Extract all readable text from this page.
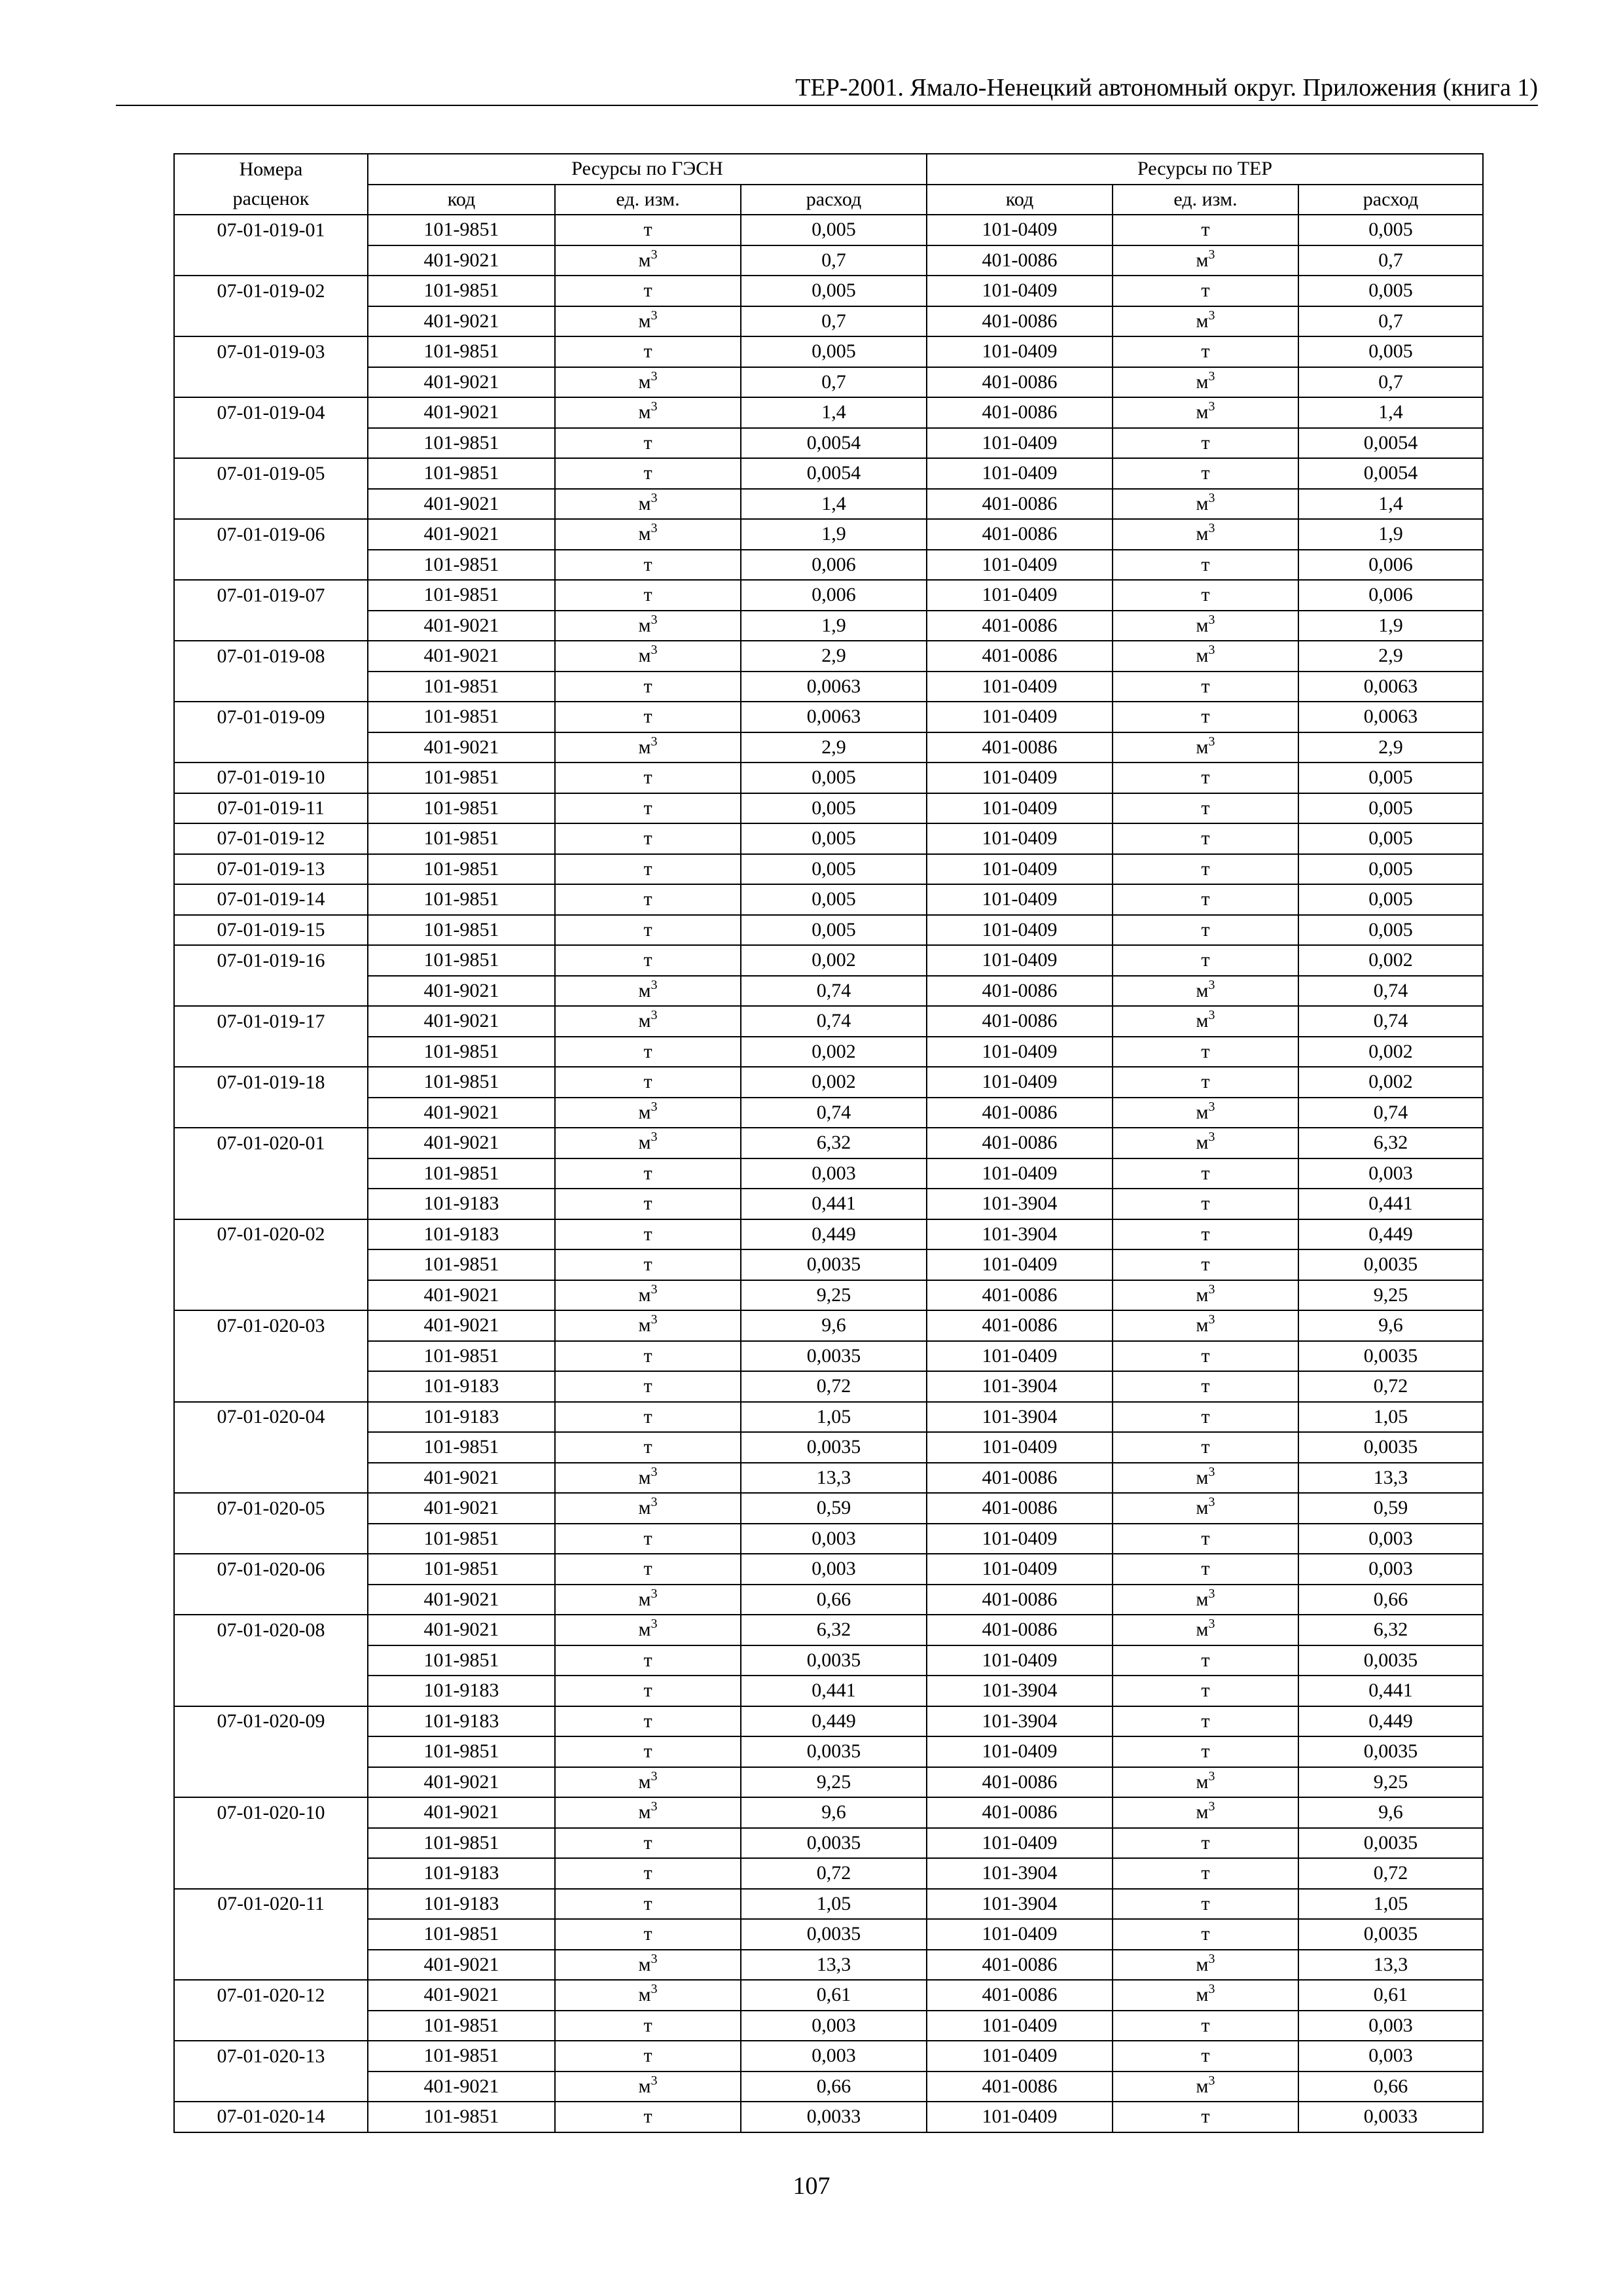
ТЕР-2001. Ямало-Ненецкий автономный округ. Приложения (книга 1)
Номера	Ресурсы по ГЭСН			Ресурсы по ТЕР		
расценок	код	ед. изм.	расход	код	ед. изм.	расход
07-01-019-01	101-9851	т	0,005	101-0409	т	0,005
	401-9021	$м^3$	0,7	401-0086	$м^3$	0,7
07-01-019-02	101-9851	т	0,005	101-0409	т	0,005
	401-9021	$м^3$	0,7	401-0086	$м^3$	0,7
07-01-019-03	101-9851	т	0,005	101-0409	т	0,005
	401-9021	$м^3$	0,7	401-0086	$м^3$	0,7
07-01-019-04	401-9021	$м^3$	1,4	401-0086	$м^3$	1,4
	101-9851	т	0,0054	101-0409	т	0,0054
07-01-019-05	101-9851	т	0,0054	101-0409	т	0,0054
	401-9021	$м^3$	1,4	401-0086	$м^3$	1,4
07-01-019-06	401-9021	$м^3$	1,9	401-0086	$м^3$	1,9
	101-9851	т	0,006	101-0409	т	0,006
07-01-019-07	101-9851	т	0,006	101-0409	т	0,006
	401-9021	$м^3$	1,9	401-0086	$м^3$	1,9
07-01-019-08	401-9021	$м^3$	2,9	401-0086	$м^3$	2,9
	101-9851	т	0,0063	101-0409	т	0,0063
07-01-019-09	101-9851	т	0,0063	101-0409	т	0,0063
	401-9021	$м^3$	2,9	401-0086	$м^3$	2,9
07-01-019-10	101-9851	т	0,005	101-0409	т	0,005
07-01-019-11	101-9851	т	0,005	101-0409	т	0,005
07-01-019-12	101-9851	т	0,005	101-0409	т	0,005
07-01-019-13	101-9851	т	0,005	101-0409	т	0,005
07-01-019-14	101-9851	т	0,005	101-0409	т	0,005
07-01-019-15	101-9851	т	0,005	101-0409	т	0,005
07-01-019-16	101-9851	т	0,002	101-0409	т	0,002
	401-9021	$м^3$	0,74	401-0086	$м^3$	0,74
07-01-019-17	401-9021	$м^3$	0,74	401-0086	$м^3$	0,74
	101-9851	т	0,002	101-0409	т	0,002
07-01-019-18	101-9851	т	0,002	101-0409	т	0,002
	401-9021	$м^3$	0,74	401-0086	$м^3$	0,74
07-01-020-01	401-9021	$м^3$	6,32	401-0086	$м^3$	6,32
	101-9851	т	0,003	101-0409	т	0,003
	101-9183	т	0,441	101-3904	т	0,441
07-01-020-02	101-9183	т	0,449	101-3904	т	0,449
	101-9851	т	0,0035	101-0409	т	0,0035
	401-9021	$м^3$	9,25	401-0086	$м^3$	9,25
07-01-020-03	401-9021	$м^3$	9,6	401-0086	$м^3$	9,6
	101-9851	т	0,0035	101-0409	т	0,0035
	101-9183	т	0,72	101-3904	т	0,72
07-01-020-04	101-9183	т	1,05	101-3904	т	1,05
	101-9851	т	0,0035	101-0409	т	0,0035
	401-9021	$м^3$	13,3	401-0086	$м^3$	13,3
07-01-020-05	401-9021	$м^3$	0,59	401-0086	$м^3$	0,59
	101-9851	т	0,003	101-0409	т	0,003
07-01-020-06	101-9851	т	0,003	101-0409	т	0,003
	401-9021	$м^3$	0,66	401-0086	$м^3$	0,66
07-01-020-08	401-9021	$м^3$	6,32	401-0086	$м^3$	6,32
	101-9851	т	0,0035	101-0409	т	0,0035
	101-9183	т	0,441	101-3904	т	0,441
07-01-020-09	101-9183	т	0,449	101-3904	т	0,449
	101-9851	т	0,0035	101-0409	т	0,0035
	401-9021	$м^3$	9,25	401-0086	$м^3$	9,25
07-01-020-10	401-9021	$м^3$	9,6	401-0086	$м^3$	9,6
	101-9851	т	0,0035	101-0409	т	0,0035
	101-9183	т	0,72	101-3904	т	0,72
07-01-020-11	101-9183	т	1,05	101-3904	т	1,05
	101-9851	т	0,0035	101-0409	т	0,0035
	401-9021	$м^3$	13,3	401-0086	$м^3$	13,3
07-01-020-12	401-9021	$м^3$	0,61	401-0086	$м^3$	0,61
	101-9851	т	0,003	101-0409	т	0,003
07-01-020-13	101-9851	т	0,003	101-0409	т	0,003
	401-9021	$м^3$	0,66	401-0086	$м^3$	0,66
07-01-020-14	101-9851	т	0,0033	101-0409	т	0,0033
107
